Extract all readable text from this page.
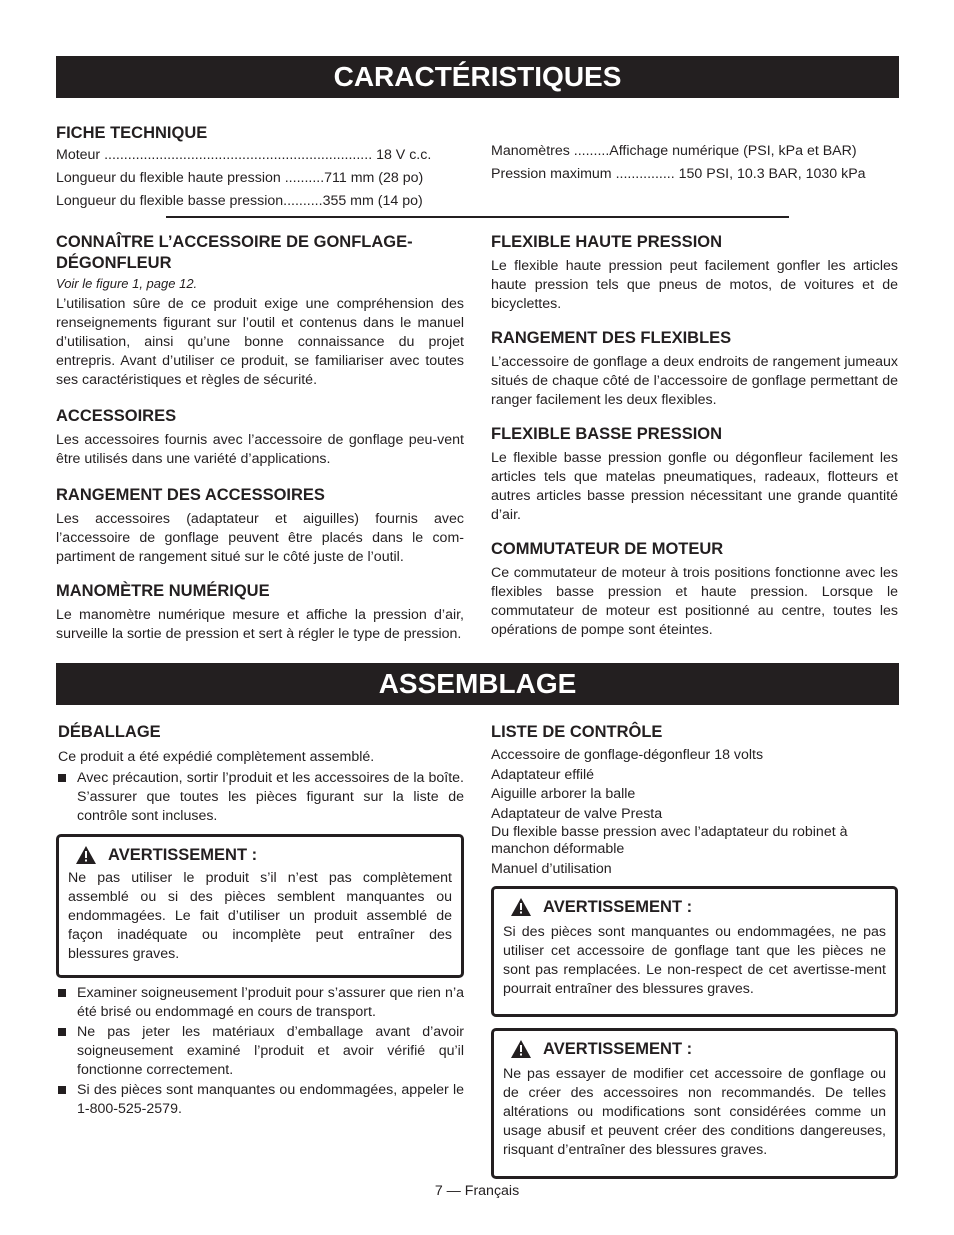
CARACTÉRISTIQUES
FICHE TECHNIQUE
Moteur .................................................................... 18 V c.c.
Longueur du flexible haute pression ..........711 mm (28 po)
Longueur du flexible basse pression..........355 mm (14 po)
Manomètres .........Affichage numérique (PSI, kPa et BAR)
Pression maximum ............... 150 PSI, 10.3 BAR, 1030 kPa
CONNAÎTRE L’ACCESSOIRE DE GONFLAGE-DÉGONFLEUR
Voir le figure 1, page 12.

L’utilisation sûre de ce produit exige une compréhension des renseignements figurant sur l’outil et contenus dans le manuel d’utilisation, ainsi qu’une bonne connaissance du projet entrepris. Avant d’utiliser ce produit, se familiariser avec toutes ses caractéristiques et règles de sécurité.

ACCESSOIRES

Les accessoires fournis avec l’accessoire de gonflage peu-vent être utilisés dans une variété d’applications.

RANGEMENT DES ACCESSOIRES

Les accessoires (adaptateur et aiguilles) fournis avec l’accessoire de gonflage peuvent être placés dans le com-partiment de rangement situé sur le côté juste de l’outil.

MANOMÈTRE NUMÉRIQUE

Le manomètre numérique mesure et affiche la pression d’air, surveille la sortie de pression et sert à régler le type de pression.

FLEXIBLE HAUTE PRESSION

Le flexible haute pression peut facilement gonfler les articles haute pression tels que pneus de motos, de voitures et de bicyclettes.

RANGEMENT DES FLEXIBLES

L’accessoire de gonflage a deux endroits de rangement jumeaux situés de chaque côté de l’accessoire de gonflage permettant de ranger facilement les deux flexibles.

FLEXIBLE BASSE PRESSION

Le flexible basse pression gonfle ou dégonfleur facilement les articles tels que matelas pneumatiques, radeaux, flotteurs et autres articles basse pression nécessitant une grande quantité d’air.

COMMUTATEUR DE MOTEUR

Ce commutateur de moteur à trois positions fonctionne avec les flexibles basse pression et haute pression. Lorsque le commutateur de moteur est positionné au centre, toutes les opérations de pompe sont éteintes.

ASSEMBLAGE
DÉBALLAGE

Ce produit a été expédié complètement assemblé.

Avec précaution, sortir l’produit et les accessoires de la boîte. S’assurer que toutes les pièces figurant sur la liste de contrôle sont incluses.
AVERTISSEMENT :

Ne pas utiliser le produit s’il n’est pas complètement assemblé ou si des pièces semblent manquantes ou endommagées. Le fait d’utiliser un produit assemblé de façon inadéquate ou incomplète peut entraîner des blessures graves.

Examiner soigneusement l’produit pour s’assurer que rien n’a été brisé ou endommagé en cours de transport.
Ne pas jeter les matériaux d’emballage avant d’avoir soigneusement examiné l’produit et avoir vérifié qu’il fonctionne correctement.
Si des pièces sont manquantes ou endommagées, appeler le 1-800-525-2579.
LISTE DE CONTRÔLE
Accessoire de gonflage-dégonfleur 18 volts
Adaptateur effilé
Aiguille arborer la balle
Adaptateur de valve Presta
Du flexible basse pression avec l’adaptateur du robinet à manchon déformable
Manuel d’utilisation
AVERTISSEMENT :

Si des pièces sont manquantes ou endommagées, ne pas utiliser cet accessoire de gonflage tant que les pièces ne sont pas remplacées. Le non-respect de cet avertisse-ment pourrait entraîner des blessures graves.

AVERTISSEMENT :

Ne pas essayer de modifier cet accessoire de gonflage ou de créer des accessoires non recommandés. De telles altérations ou modifications sont considérées comme un usage abusif et peuvent créer des conditions dangereuses, risquant d’entraîner des blessures graves.

7 — Français
